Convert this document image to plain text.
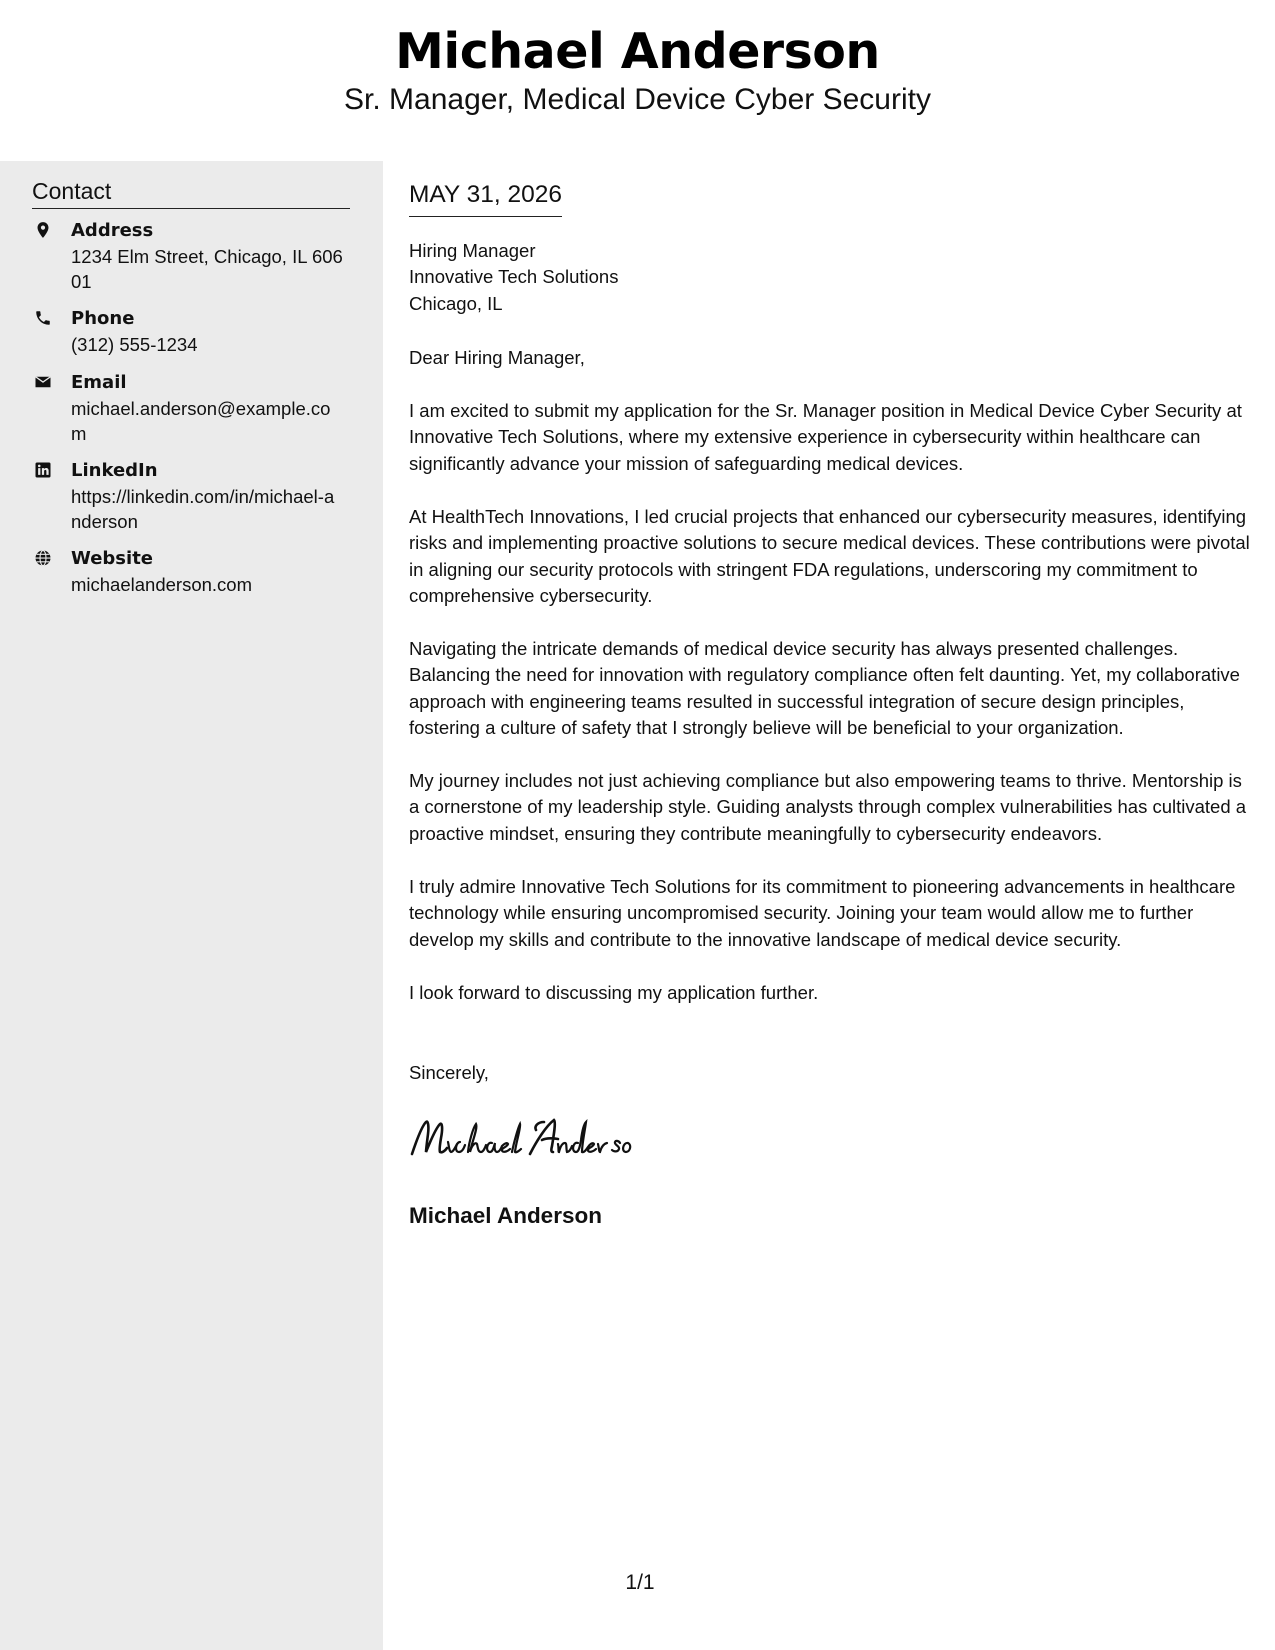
Michael Anderson
Sr. Manager, Medical Device Cyber Security
Contact
Address
1234 Elm Street, Chicago, IL 60601
Phone
(312) 555-1234
Email
michael.anderson@example.com
LinkedIn
https://linkedin.com/in/michael-anderson
Website
michaelanderson.com
MAY 31, 2026
Hiring Manager
Innovative Tech Solutions
Chicago, IL
Dear Hiring Manager,
I am excited to submit my application for the Sr. Manager position in Medical Device Cyber Security at Innovative Tech Solutions, where my extensive experience in cybersecurity within healthcare can significantly advance your mission of safeguarding medical devices.
At HealthTech Innovations, I led crucial projects that enhanced our cybersecurity measures, identifying risks and implementing proactive solutions to secure medical devices. These contributions were pivotal in aligning our security protocols with stringent FDA regulations, underscoring my commitment to comprehensive cybersecurity.
Navigating the intricate demands of medical device security has always presented challenges. Balancing the need for innovation with regulatory compliance often felt daunting. Yet, my collaborative approach with engineering teams resulted in successful integration of secure design principles, fostering a culture of safety that I strongly believe will be beneficial to your organization.
My journey includes not just achieving compliance but also empowering teams to thrive. Mentorship is a cornerstone of my leadership style. Guiding analysts through complex vulnerabilities has cultivated a proactive mindset, ensuring they contribute meaningfully to cybersecurity endeavors.
I truly admire Innovative Tech Solutions for its commitment to pioneering advancements in healthcare technology while ensuring uncompromised security. Joining your team would allow me to further develop my skills and contribute to the innovative landscape of medical device security.
I look forward to discussing my application further.
Sincerely,
Michael Anderson
1/1
